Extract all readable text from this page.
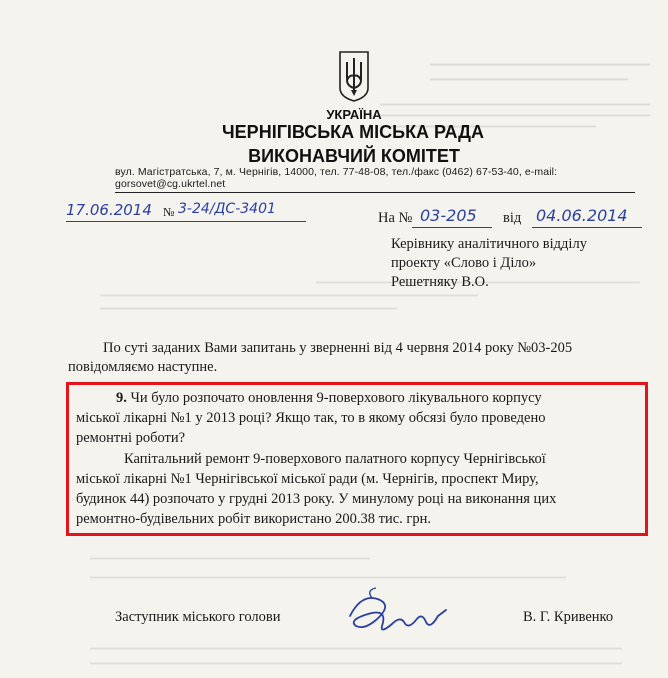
УКРАЇНА
ЧЕРНІГІВСЬКА МІСЬКА РАДА
ВИКОНАВЧИЙ КОМІТЕТ
вул. Магістратська, 7, м. Чернігів, 14000, тел. 77-48-08, тел./факс (0462) 67-53-40, e-mail: gorsovet@cg.ukrtel.net
17.06.2014 № 3-24/ДС-3401
На № 03-205 від 04.06.2014
Керівнику аналітичного відділу
проекту «Слово і Діло»
Решетняку В.О.
По суті заданих Вами запитань у зверненні від 4 червня 2014 року №03-205
повідомляємо наступне.
9. Чи було розпочато оновлення 9-поверхового лікувального корпусу
міської лікарні №1 у 2013 році? Якщо так, то в якому обсязі було проведено
ремонтні роботи?
Капітальний ремонт 9-поверхового палатного корпусу Чернігівської
міської лікарні №1 Чернігівської міської ради (м. Чернігів, проспект Миру,
будинок 44) розпочато у грудні 2013 року. У минулому році на виконання цих
ремонтно-будівельних робіт використано 200.38 тис. грн.
Заступник міського голови	В. Г. Кривенко
